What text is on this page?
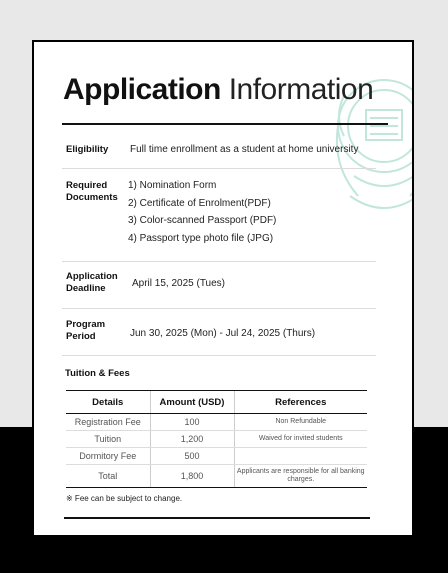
Application Information
Eligibility Full time enrollment as a student at home university
Required
Documents
1) Nomination Form
2) Certificate of Enrolment(PDF)
3) Color-scanned Passport (PDF)
4) Passport type photo file (JPG)
Application
Deadline	April 15, 2025 (Tues)
Program
Period	Jun 30, 2025 (Mon) - Jul 24, 2025 (Thurs)
Tuition & Fees
Details	Amount (USD)	References
Registration Fee	100	Non Refundable
Tuition	1,200	Waived for invited students
Dormitory Fee	500	
Total	1,800	Applicants are responsible for all banking charges.
※ Fee can be subject to change.
